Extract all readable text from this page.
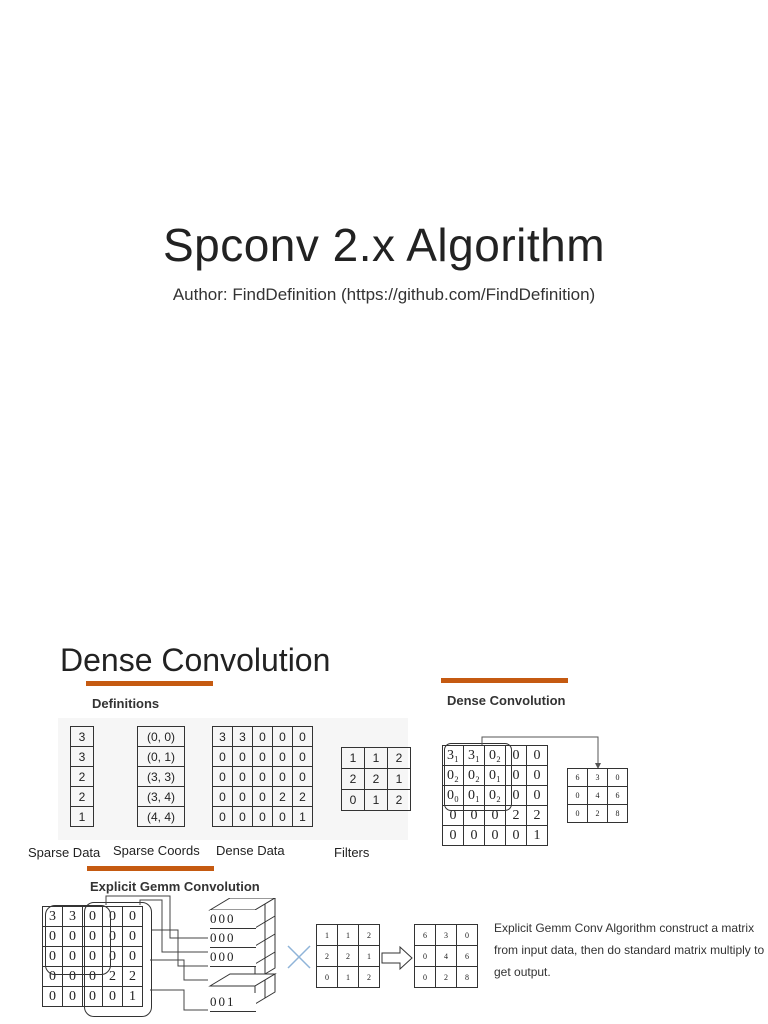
Spconv 2.x Algorithm
Author: FindDefinition (https://github.com/FindDefinition)
Dense Convolution
Definitions	Dense Convolution
3
3
2
2
1
(0, 0)
(0, 1)
(3, 3)
(3, 4)
(4, 4)
3	3	0	0	0
0	0	0	0	0
0	0	0	0	0
0	0	0	2	2
0	0	0	0	1
1	1	2
2	2	1
0	1	2
Sparse Data Sparse Coords Dense Data	Filters
3₁	3₁	0₂	0	0
0₂	0₂	0₁	0	0
0₀	0₁	0₂	0	0
0	0	0	2	2
0	0	0	0	1
6	3	0
0	4	6
0	2	8
Explicit Gemm Convolution
3	3	0	0	0
0	0	0	0	0
0	0	0	0	0
0	0	0	2	2
0	0	0	0	1
000
000
000
001
1	1	2
2	2	1
0	1	2
6	3	0
0	4	6
0	2	8
Explicit Gemm Conv Algorithm construct a matrix from input data, then do standard matrix multiply to get output.
